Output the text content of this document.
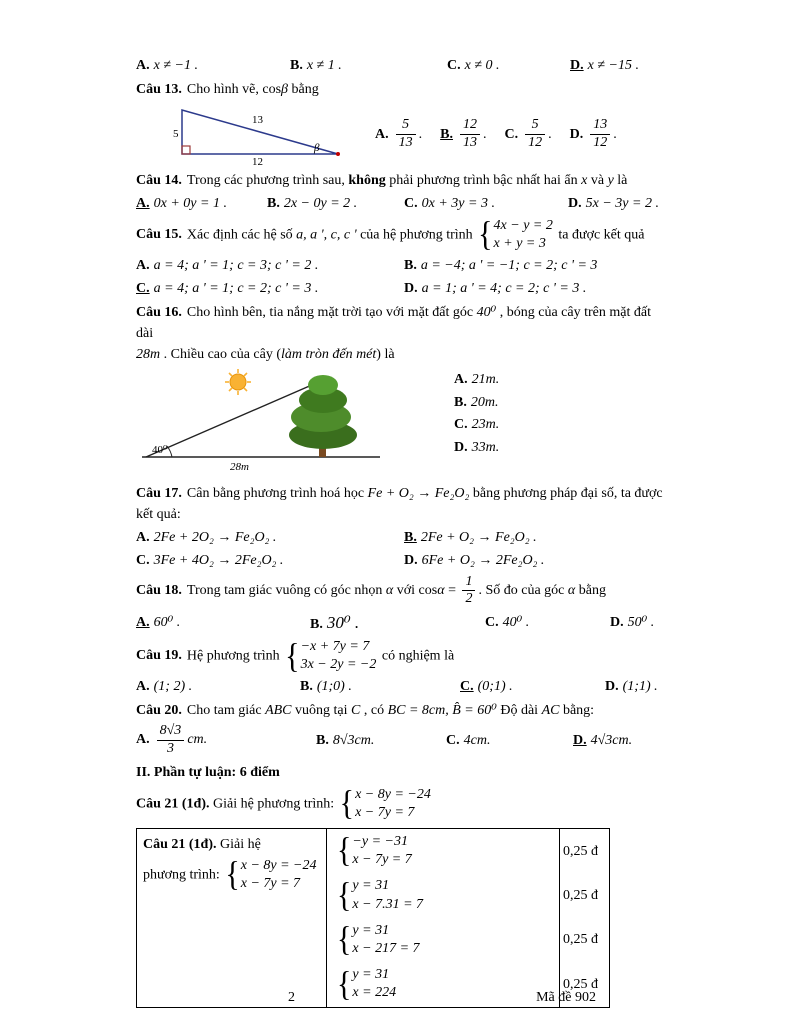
A. x ≠ −1 .	B. x ≠ 1 .	C. x ≠ 0 .	D. x ≠ −15 .
Câu 13. Cho hình vẽ, cosβ bằng
5
13
12
β
A. $\frac{5}{13}$ . B. $\frac{12}{13}$ . C. $\frac{5}{12}$ . D. $\frac{13}{12}$ .
Câu 14. Trong các phương trình sau, không phải phương trình bậc nhất hai ẩn x và y là
A. 0x + 0y = 1 .	B. 2x − 0y = 2 .	C. 0x + 3y = 3 .	D. 5x − 3y = 2 .
Câu 15. Xác định các hệ số a, a ', c, c ' của hệ phương trình { 4x − y = 2
x + y = 3
ta được kết quả
A. a = 4; a ' = 1; c = 3; c ' = 2 .	B. a = −4; a ' = −1; c = 2; c ' = 3
C. a = 4; a ' = 1; c = 2; c ' = 3 .	D. a = 1; a ' = 4; c = 2; c ' = 3 .
Câu 16. Cho hình bên, tia nắng mặt trời tạo với mặt đất góc 40⁰ , bóng của cây trên mặt đất dài
28m . Chiều cao của cây (làm tròn đến mét) là
40⁰
28m
A. 21m.
B. 20m.
C. 23m.
D. 33m.
Câu 17. Cân bằng phương trình hoá học Fe + O₂ → Fe₂O₂ bằng phương pháp đại số, ta được
kết quả:
A. 2Fe + 2O₂ → Fe₂O₂ .	B. 2Fe + O₂ → Fe₂O₂ .
C. 3Fe + 4O₂ → 2Fe₂O₂ .	D. 6Fe + O₂ → 2Fe₂O₂ .
Câu 18. Trong tam giác vuông có góc nhọn α với $\cos\alpha = \frac{1}{2}$ . Số đo của góc α bằng
A. 60⁰ .	B. 30⁰ .	C. 40⁰ .	D. 50⁰ .
Câu 19. Hệ phương trình { −x + 7y = 7
3x − 2y = −2
có nghiệm là
A. (1; 2) .	B. (1;0) .	C. (0;1) .	D. (1;1) .
Câu 20. Cho tam giác ABC vuông tại C , có BC = 8cm, B̂ = 60⁰ Độ dài AC bằng:
A. $\frac{8√3}{3}$ cm.	B. 8√3cm.	C. 4cm.	D. 4√3cm.
II. Phần tự luận: 6 điểm
Câu 21 (1đ). Giải hệ phương trình: { x − 8y = −24
x − 7y = 7
Câu 21 (1đ). Giải hệ
phương trình: { x − 8y = −24
x − 7y = 7
{ −y = −31
x − 7y = 7
0,25 đ
{ y = 31
x − 7.31 = 7
0,25 đ
{ y = 31
x − 217 = 7
0,25 đ
{ y = 31
x = 224
0,25 đ
2	Mã đề 902
